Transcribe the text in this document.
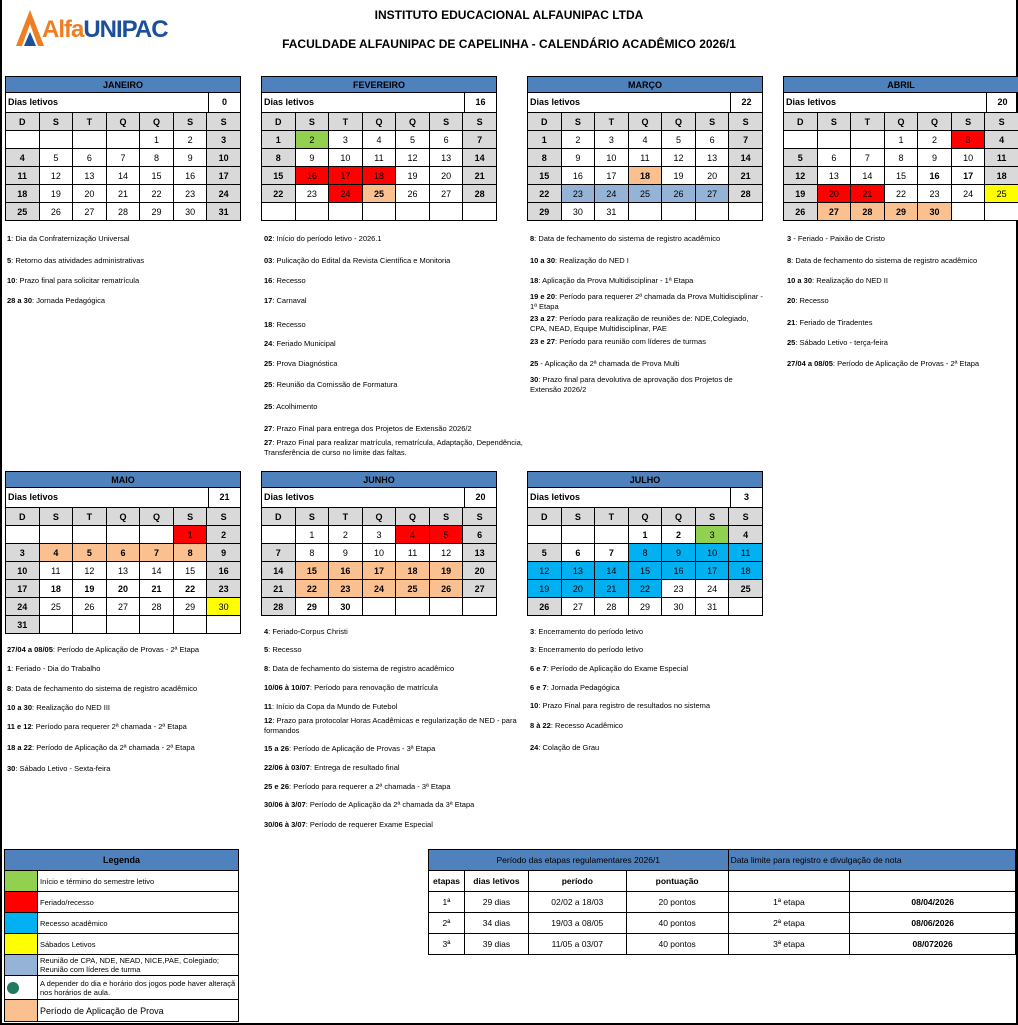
AlfaUNIPAC
INSTITUTO EDUCACIONAL ALFAUNIPAC LTDA
FACULDADE ALFAUNIPAC DE CAPELINHA - CALENDÁRIO ACADÊMICO 2026/1
JANEIRO
Dias letivos	0
D	S	T	Q	Q	S	S
				1	2	3
4	5	6	7	8	9	10
11	12	13	14	15	16	17
18	19	20	21	22	23	24
25	26	27	28	29	30	31
FEVEREIRO
Dias letivos	16
D	S	T	Q	Q	S	S
1	2	3	4	5	6	7
8	9	10	11	12	13	14
15	16	17	18	19	20	21
22	23	24	25	26	27	28

MARÇO
Dias letivos	22
D	S	T	Q	Q	S	S
1	2	3	4	5	6	7
8	9	10	11	12	13	14
15	16	17	18	19	20	21
22	23	24	25	26	27	28
29	30	31				
ABRIL
Dias letivos	20
D	S	T	Q	Q	S	S
			1	2	3	4
5	6	7	8	9	10	11
12	13	14	15	16	17	18
19	20	21	22	23	24	25
26	27	28	29	30		
MAIO
Dias letivos	21
D	S	T	Q	Q	S	S
					1	2
3	4	5	6	7	8	9
10	11	12	13	14	15	16
17	18	19	20	21	22	23
24	25	26	27	28	29	30
31						
JUNHO
Dias letivos	20
D	S	T	Q	Q	S	S
	1	2	3	4	5	6
7	8	9	10	11	12	13
14	15	16	17	18	19	20
21	22	23	24	25	26	27
28	29	30				
JULHO
Dias letivos	3
D	S	T	Q	Q	S	S
			1	2	3	4
5	6	7	8	9	10	11
12	13	14	15	16	17	18
19	20	21	22	23	24	25
26	27	28	29	30	31	
1: Dia da Confraternização Universal
5: Retorno das atividades administrativas
10: Prazo final para solicitar rematrícula
28 a 30: Jornada Pedagógica
02: Início do período letivo - 2026.1
03: Pulicação do Edital da Revista Científica e Monitoria
16: Recesso
17: Carnaval
18: Recesso
24: Feriado Municipal
25: Prova Diagnóstica
25: Reunião da Comissão de Formatura
25: Acolhimento
27: Prazo Final para entrega dos Projetos de Extensão 2026/2
27: Prazo Final para realizar matrícula, rematrícula, Adaptação, Dependência, Transferência de curso no limite das faltas.
8: Data de fechamento do sistema de registro acadêmico
10 a 30: Realização do NED I
18: Aplicação da Prova Multidisciplinar - 1ª Etapa
19 e 20: Período para requerer 2ª chamada da Prova Multidisciplinar - 1ª Etapa
23 a 27: Período para realização de reuniões de: NDE,Colegiado, CPA, NEAD, Equipe Multidisciplinar, PAE
23 e 27: Período para reunião com líderes de turmas
25 - Aplicação da 2ª chamada de Prova Multi
30: Prazo final para devolutiva de aprovação dos Projetos de Extensão 2026/2
3 - Feriado - Paixão de Cristo
8: Data de fechamento do sistema de registro acadêmico
10 a 30: Realização do NED II
20: Recesso
21: Feriado de Tiradentes
25: Sábado Letivo - terça-feira
27/04 a 08/05: Período de Aplicação de Provas - 2ª Etapa
27/04 a 08/05: Período de Aplicação de Provas - 2ª Etapa
1: Feriado - Dia do Trabalho
8: Data de fechamento do sistema de registro acadêmico
10 a 30: Realização do NED III
11 e 12: Período para requerer 2ª chamada - 2ª Etapa
18 a 22: Período de Aplicação da 2ª chamada - 2ª Etapa
30: Sábado Letivo - Sexta-feira
4: Feriado-Corpus Christi
5: Recesso
8: Data de fechamento do sistema de registro acadêmico
10/06 à 10/07: Período para renovação de matrícula
11: Início da Copa da Mundo de Futebol
12: Prazo para protocolar Horas Acadêmicas e regularização de NED - para formandos
15 a 26: Período de Aplicação de Provas - 3ª Etapa
22/06 à 03/07: Entrega de resultado final
25 e 26: Período para requerer a 2ª chamada - 3ª Etapa
30/06 à 3/07: Período de Aplicação da 2ª chamada da 3ª Etapa
30/06 à 3/07: Período de requerer Exame Especial
3: Encerramento do período letivo
3: Encerramento do período letivo
6 e 7: Período de Aplicação do Exame Especial
6 e 7: Jornada Pedagógica
10: Prazo Final para registro de resultados no sistema
8 à 22: Recesso Acadêmico
24: Colação de Grau
Legenda
Início e término do semestre letivo
Feriado/recesso
Recesso acadêmico
Sábados Letivos
Reunião de CPA, NDE, NEAD, NICE,PAE, Colegiado; Reunião com líderes de turma
A depender do dia e horário dos jogos pode haver alteraçã nos horários de aula.
Período de Aplicação de Prova
Período das etapas regulamentares 2026/1				Data limite para registro e divulgação de nota	
etapas	dias letivos	período	pontuação		
1ª	29 dias	02/02 a 18/03	20 pontos	1ª etapa	08/04/2026
2ª	34 dias	19/03 a 08/05	40 pontos	2ª etapa	08/06/2026
3ª	39 dias	11/05 a 03/07	40 pontos	3ª etapa	08/072026
